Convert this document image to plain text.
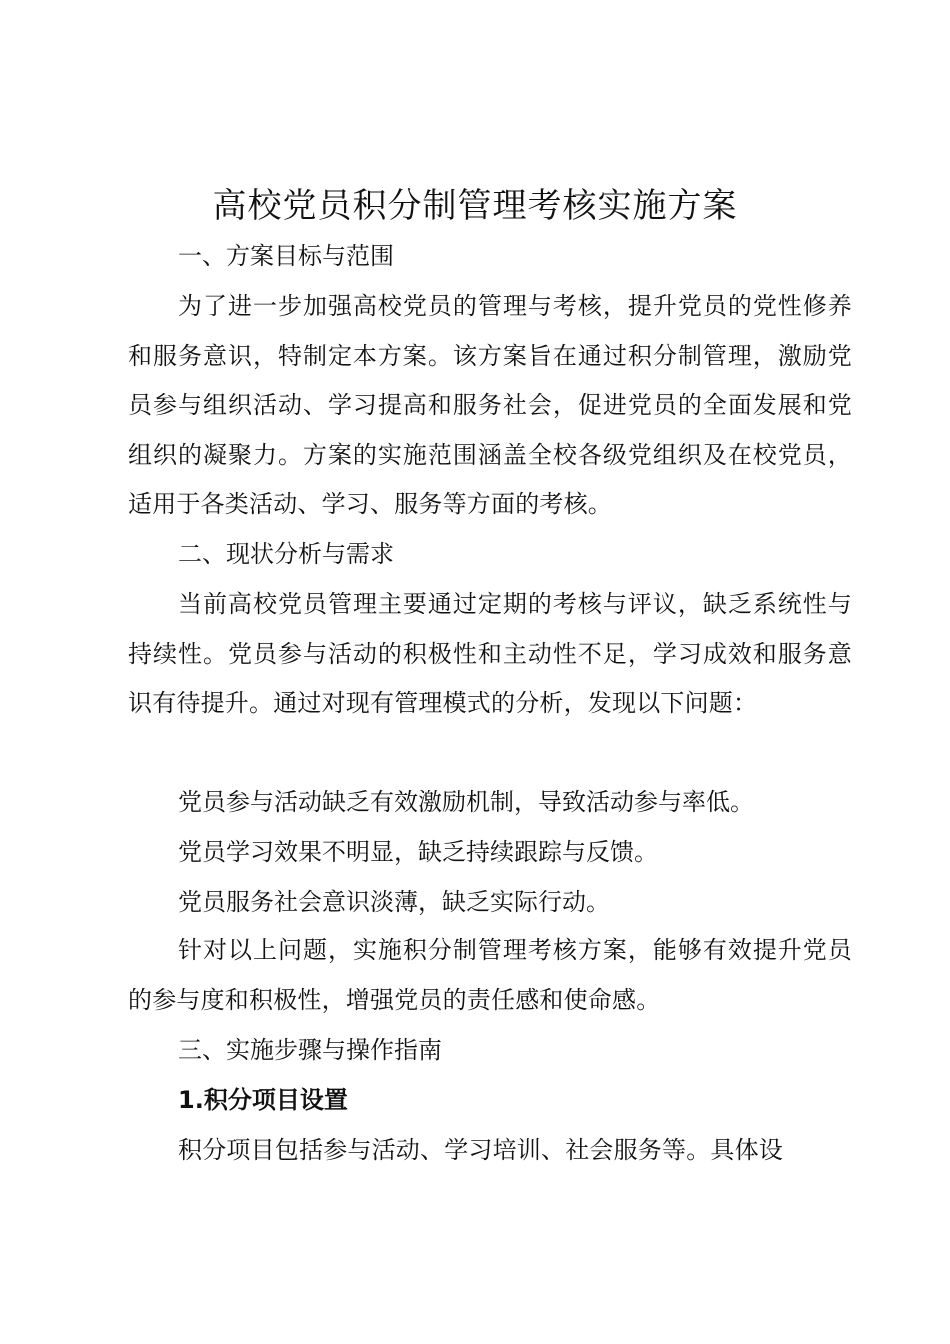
高校党员积分制管理考核实施方案

一、方案目标与范围

为了进一步加强高校党员的管理与考核，提升党员的党性修养和服务意识，特制定本方案。该方案旨在通过积分制管理，激励党员参与组织活动、学习提高和服务社会，促进党员的全面发展和党组织的凝聚力。方案的实施范围涵盖全校各级党组织及在校党员， 适用于各类活动、学习、服务等方面的考核。

二、现状分析与需求

当前高校党员管理主要通过定期的考核与评议，缺乏系统性与持续性。党员参与活动的积极性和主动性不足，学习成效和服务意识有待提升。通过对现有管理模式的分析，发现以下问题：

党员参与活动缺乏有效激励机制，导致活动参与率低。

党员学习效果不明显，缺乏持续跟踪与反馈。

党员服务社会意识淡薄，缺乏实际行动。

针对以上问题，实施积分制管理考核方案，能够有效提升党员的参与度和积极性，增强党员的责任感和使命感。

三、实施步骤与操作指南

1.积分项目设置

积分项目包括参与活动、学习培训、社会服务等。具体设
